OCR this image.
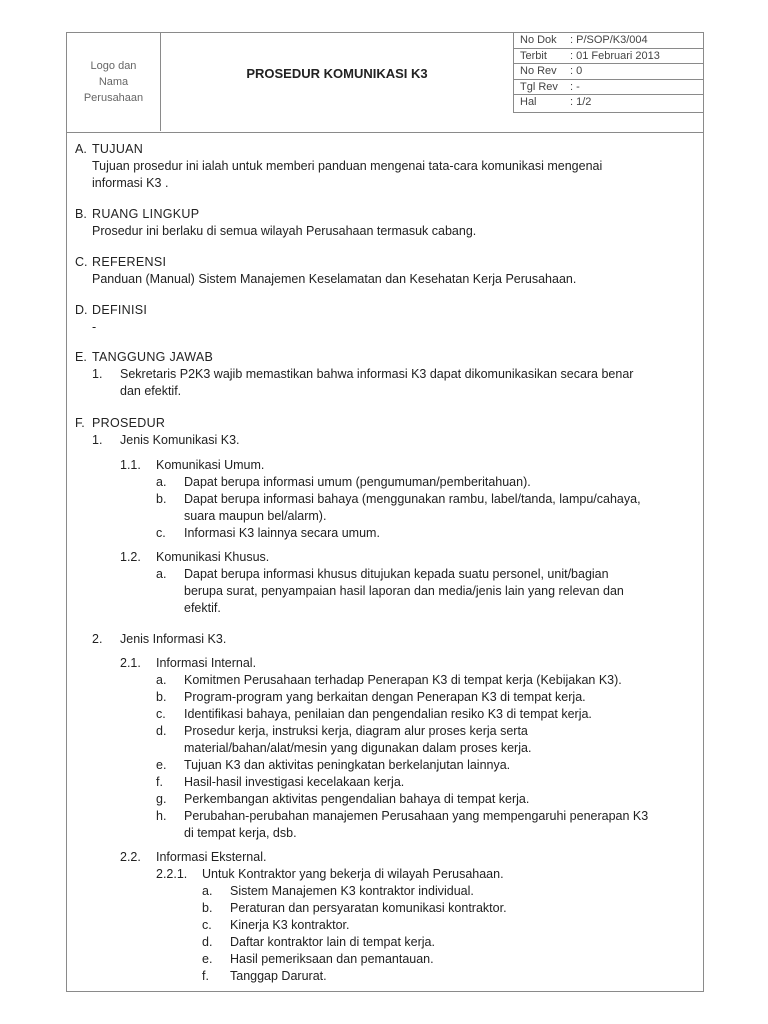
Logo dan
Nama
Perusahaan
PROSEDUR KOMUNIKASI K3
No Dok	: P/SOP/K3/004
Terbit	: 01 Februari 2013
No Rev	: 0
Tgl Rev	: -
Hal	: 1/2
A. TUJUAN
Tujuan prosedur ini ialah untuk memberi panduan mengenai tata-cara komunikasi mengenai
informasi K3 .
B. RUANG LINGKUP
Prosedur ini berlaku di semua wilayah Perusahaan termasuk cabang.
C. REFERENSI
Panduan (Manual) Sistem Manajemen Keselamatan dan Kesehatan Kerja Perusahaan.
D. DEFINISI
-
E. TANGGUNG JAWAB
1. Sekretaris P2K3 wajib memastikan bahwa informasi K3 dapat dikomunikasikan secara benar
dan efektif.
F. PROSEDUR
1. Jenis Komunikasi K3.
1.1. Komunikasi Umum.
a. Dapat berupa informasi umum (pengumuman/pemberitahuan).
b. Dapat berupa informasi bahaya (menggunakan rambu, label/tanda, lampu/cahaya,
suara maupun bel/alarm).
c. Informasi K3 lainnya secara umum.
1.2. Komunikasi Khusus.
a. Dapat berupa informasi khusus ditujukan kepada suatu personel, unit/bagian
berupa surat, penyampaian hasil laporan dan media/jenis lain yang relevan dan
efektif.
2. Jenis Informasi K3.
2.1. Informasi Internal.
a. Komitmen Perusahaan terhadap Penerapan K3 di tempat kerja (Kebijakan K3).
b. Program-program yang berkaitan dengan Penerapan K3 di tempat kerja.
c. Identifikasi bahaya, penilaian dan pengendalian resiko K3 di tempat kerja.
d. Prosedur kerja, instruksi kerja, diagram alur proses kerja serta
material/bahan/alat/mesin yang digunakan dalam proses kerja.
e. Tujuan K3 dan aktivitas peningkatan berkelanjutan lainnya.
f. Hasil-hasil investigasi kecelakaan kerja.
g. Perkembangan aktivitas pengendalian bahaya di tempat kerja.
h. Perubahan-perubahan manajemen Perusahaan yang mempengaruhi penerapan K3
di tempat kerja, dsb.
2.2. Informasi Eksternal.
2.2.1. Untuk Kontraktor yang bekerja di wilayah Perusahaan.
a. Sistem Manajemen K3 kontraktor individual.
b. Peraturan dan persyaratan komunikasi kontraktor.
c. Kinerja K3 kontraktor.
d. Daftar kontraktor lain di tempat kerja.
e. Hasil pemeriksaan dan pemantauan.
f. Tanggap Darurat.
